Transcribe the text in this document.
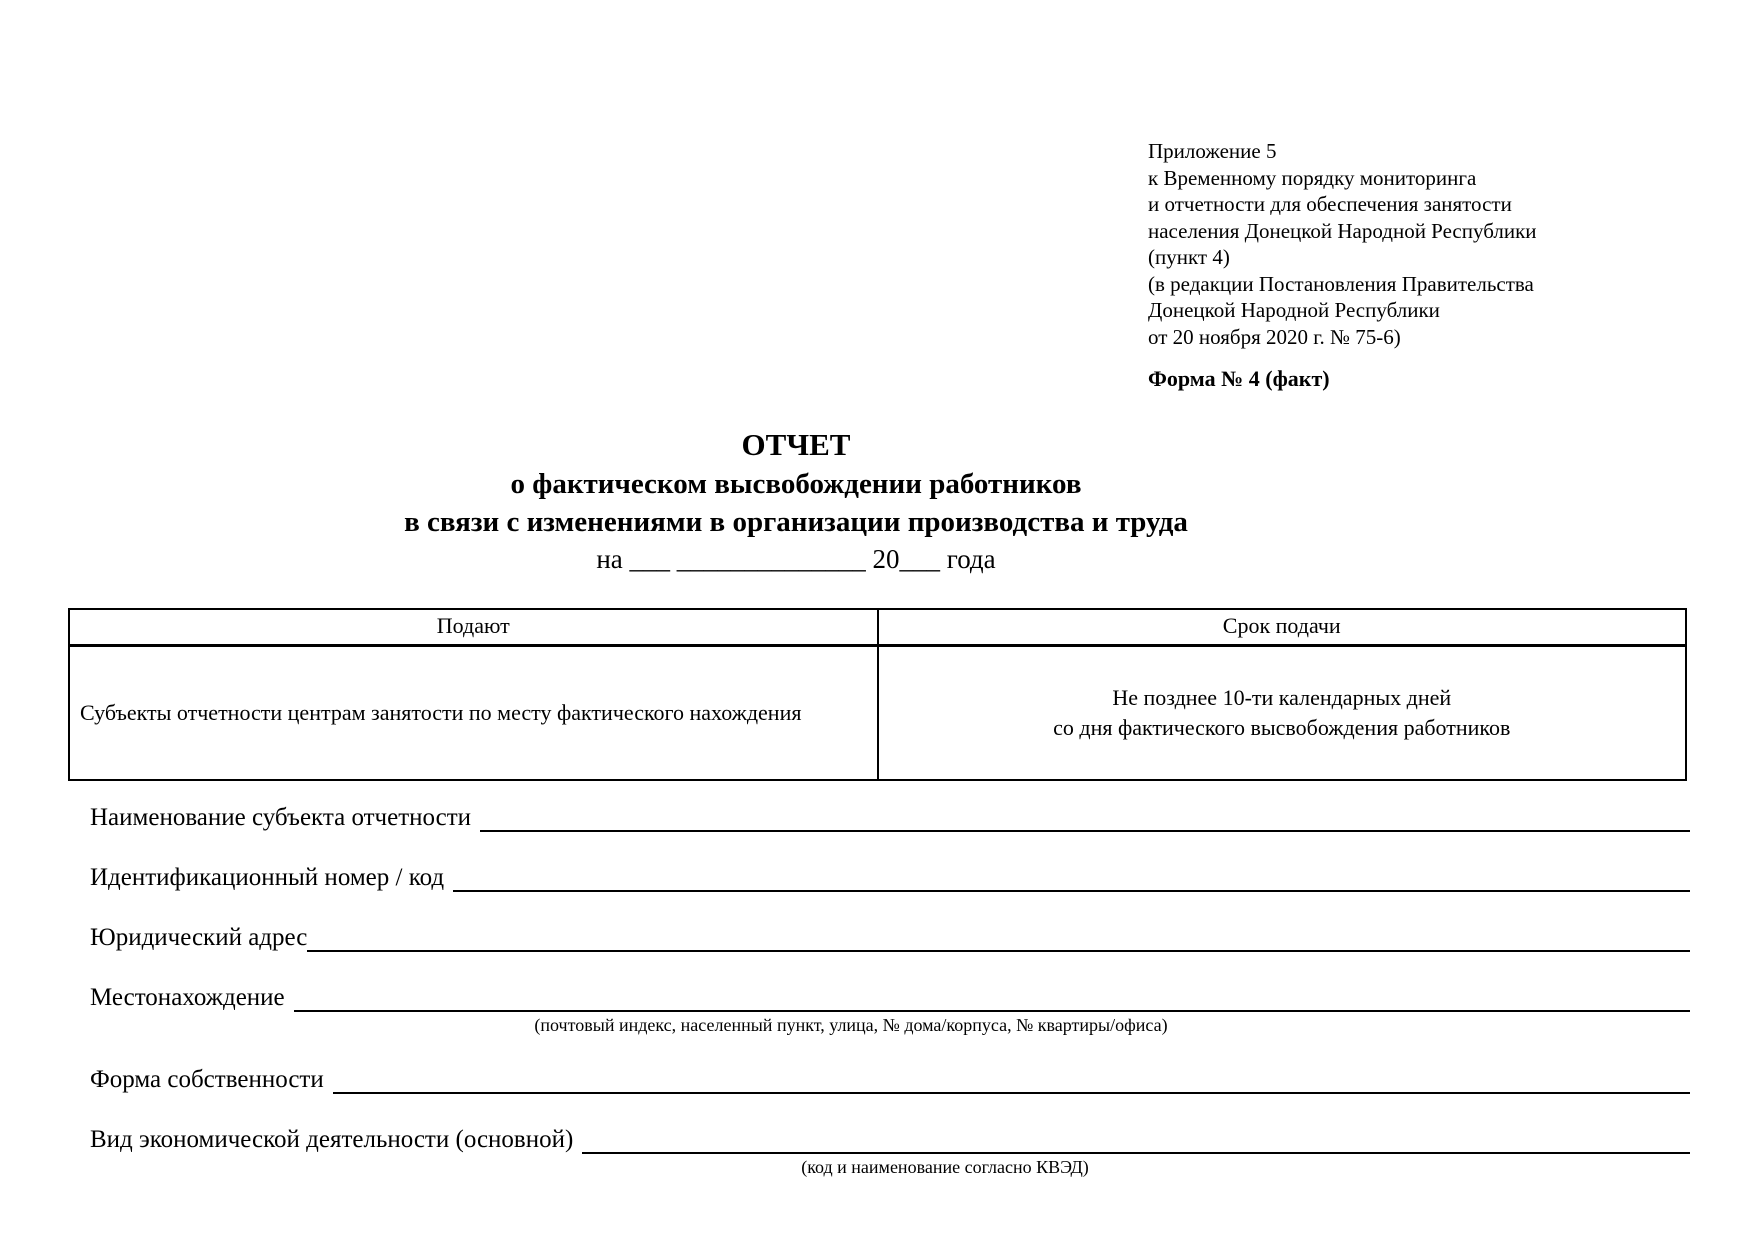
Приложение 5
к Временному порядку мониторинга
и отчетности для обеспечения занятости
населения Донецкой Народной Республики
(пункт 4)
(в редакции Постановления Правительства
Донецкой Народной Республики
от 20 ноября 2020 г. № 75-6)
Форма № 4 (факт)
ОТЧЕТ
о фактическом высвобождении работников
в связи с изменениями в организации производства и труда
на ___ ______________ 20___ года
Подают	Срок подачи
Субъекты отчетности центрам занятости по месту фактического нахождения	Не позднее 10-ти календарных дней
со дня фактического высвобождения работников
Наименование субъекта отчетности
Идентификационный номер / код
Юридический адрес
Местонахождение
(почтовый индекс, населенный пункт, улица, № дома/корпуса, № квартиры/офиса)
Форма собственности
Вид экономической деятельности (основной)
(код и наименование согласно КВЭД)
